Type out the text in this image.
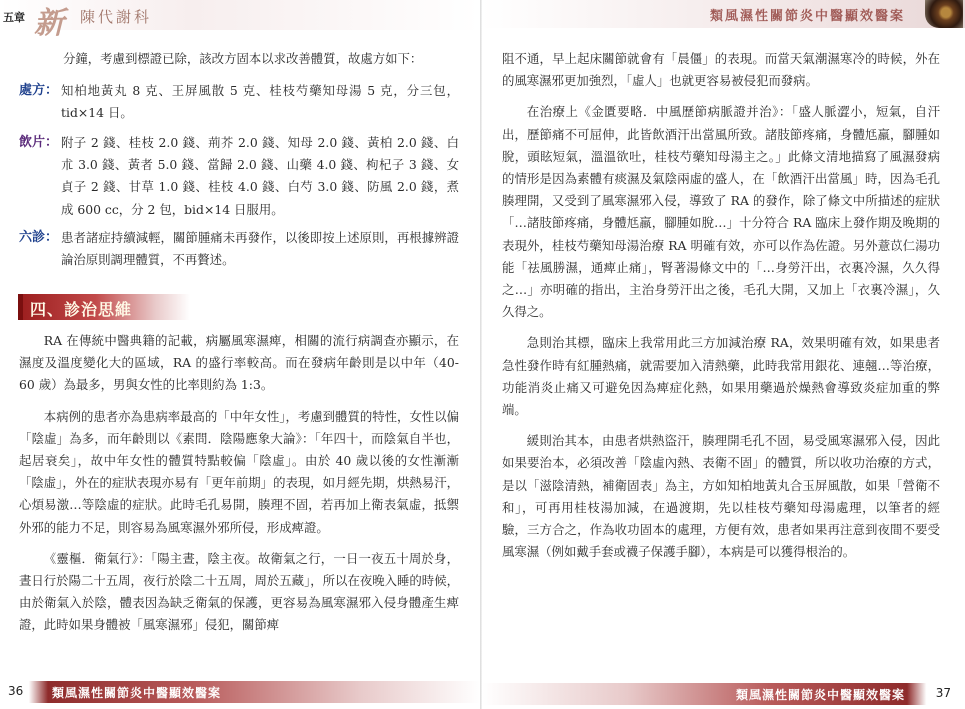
五章 新 陳代謝科

分鐘，考慮到標證已除，該改方固本以求改善體質，故處方如下：

處方： 知柏地黃丸 8 克、王屏風散 5 克、桂枝芍藥知母湯 5 克，分三包，tid×14 日。
飲片： 附子 2 錢、桂枝 2.0 錢、荊芥 2.0 錢、知母 2.0 錢、黃柏 2.0 錢、白朮 3.0 錢、黃者 5.0 錢、當歸 2.0 錢、山藥 4.0 錢、枸杞子 3 錢、女貞子 2 錢、甘草 1.0 錢、桂枝 4.0 錢、白芍 3.0 錢、防風 2.0 錢，煮成 600 cc，分 2 包，bid×14 日服用。
六診： 患者諸症持續減輕，關節腫痛未再發作，以後即按上述原則，再根據辨證論治原則調理體質，不再贅述。
四、診治思維

RA 在傳統中醫典籍的記載，病屬風寒濕痺，相關的流行病調查亦顯示，在濕度及溫度變化大的區域，RA 的盛行率較高。而在發病年齡則是以中年（40-60 歲）為最多，男與女性的比率則約為 1:3。

本病例的患者亦為患病率最高的「中年女性」，考慮到體質的特性，女性以偏「陰虛」為多，而年齡則以《素問．陰陽應象大論》：「年四十，而陰氣自半也，起居衰矣」，故中年女性的體質特點較偏「陰虛」。由於 40 歲以後的女性漸漸「陰虛」，外在的症狀表現亦易有「更年前期」的表現，如月經先期，烘熱易汗，心煩易激…等陰虛的症狀。此時毛孔易開，腠理不固，若再加上衛表氣虛，抵禦外邪的能力不足，則容易為風寒濕外邪所侵，形成痺證。

《靈樞．衛氣行》：「陽主晝，陰主夜。故衛氣之行，一日一夜五十周於身，晝日行於陽二十五周，夜行於陰二十五周，周於五藏」，所以在夜晚入睡的時候，由於衛氣入於陰，體表因為缺乏衛氣的保護，更容易為風寒濕邪入侵身體產生痺證，此時如果身體被「風寒濕邪」侵犯，關節痺

36 類風濕性關節炎中醫顯效醫案
類風濕性關節炎中醫顯效醫案

阻不通，早上起床關節就會有「晨僵」的表現。而當天氣潮濕寒冷的時候，外在的風寒濕邪更加強烈，「虛人」也就更容易被侵犯而發病。

在治療上《金匱要略．中風歷節病脈證并治》：「盛人脈澀小，短氣，自汗出，歷節痛不可屈伸，此皆飲酒汗出當風所致。諸肢節疼痛，身體尪羸，腳腫如脫，頭眩短氣，溫溫欲吐，桂枝芍藥知母湯主之。」此條文清地描寫了風濕發病的情形是因為素體有痰濕及氣陰兩虛的盛人，在「飲酒汗出當風」時，因為毛孔腠理開，又受到了風寒濕邪入侵，導致了 RA 的發作，除了條文中所描述的症狀「…諸肢節疼痛，身體尪羸，腳腫如脫…」十分符合 RA 臨床上發作期及晚期的表現外，桂枝芍藥知母湯治療 RA 明確有效，亦可以作為佐證。另外薏苡仁湯功能「祛風勝濕，通痺止痛」，腎著湯條文中的「…身勞汗出，衣裏冷濕，久久得之…」亦明確的指出，主治身勞汗出之後，毛孔大開，又加上「衣裏冷濕」，久久得之。

急則治其標，臨床上我常用此三方加減治療 RA，效果明確有效，如果患者急性發作時有紅腫熱痛，就需要加入清熱藥，此時我常用銀花、連翹…等治療，功能消炎止痛又可避免因為痺症化熱，如果用藥過於燥熱會導致炎症加重的弊端。

緩則治其本，由患者烘熱盜汗，腠理開毛孔不固，易受風寒濕邪入侵，因此如果要治本，必須改善「陰虛內熱、表衛不固」的體質，所以收功治療的方式，是以「滋陰清熱，補衛固表」為主，方如知柏地黃丸合玉屏風散，如果「營衛不和」，可再用桂枝湯加減，在過渡期，先以桂枝芍藥知母湯處理，以筆者的經驗，三方合之，作為收功固本的處理，方便有效，患者如果再注意到夜間不要受風寒濕（例如戴手套或襪子保護手腳），本病是可以獲得根治的。

類風濕性關節炎中醫顯效醫案	37
